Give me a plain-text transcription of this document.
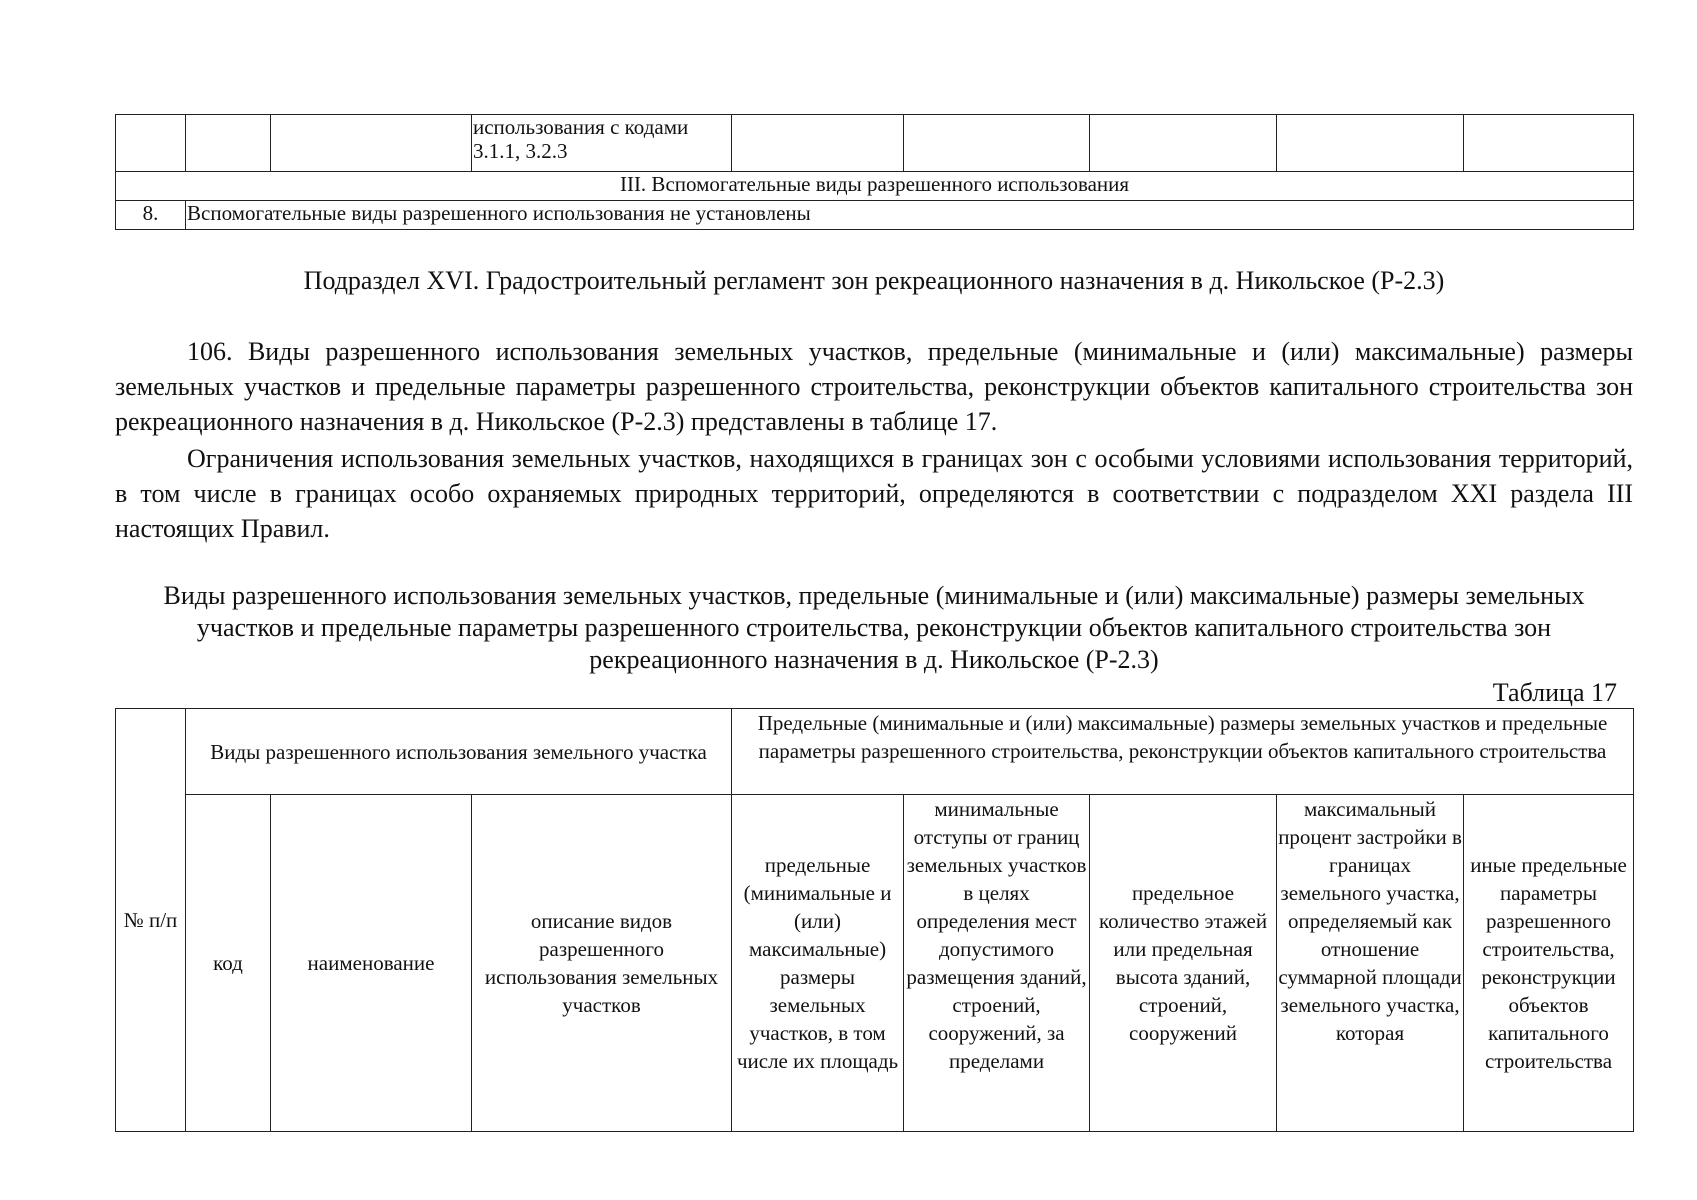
			использования с кодами 3.1.1, 3.2.3					
III. Вспомогательные виды разрешенного использования								
8.	Вспомогательные виды разрешенного использования не установлены							
Подраздел XVI. Градостроительный регламент зон рекреационного назначения в д. Никольское (Р-2.3)

106. Виды разрешенного использования земельных участков, предельные (минимальные и (или) максимальные) размеры земельных участков и предельные параметры разрешенного строительства, реконструкции объектов капитального строительства зон рекреационного назначения в д. Никольское (Р-2.3) представлены в таблице 17.

Ограничения использования земельных участков, находящихся в границах зон с особыми условиями использования территорий, в том числе в границах особо охраняемых природных территорий, определяются в соответствии с подразделом XXI раздела III настоящих Правил.

Виды разрешенного использования земельных участков, предельные (минимальные и (или) максимальные) размеры земельных участков и предельные параметры разрешенного строительства, реконструкции объектов капитального строительства зон рекреационного назначения в д. Никольское (Р-2.3)
Таблица 17
№ п/п	Виды разрешенного использования земельного участка			Предельные (минимальные и (или) максимальные) размеры земельных участков и предельные параметры разрешенного строительства, реконструкции объектов капитального строительства				
	код	наименование	описание видов разрешенного использования земельных участков	предельные (минимальные и (или) максимальные) размеры земельных участков, в том числе их площадь	минимальные отступы от границ земельных участков в целях определения мест допустимого размещения зданий, строений, сооружений, за пределами	предельное количество этажей или предельная высота зданий, строений, сооружений	максимальный процент застройки в границах земельного участка, определяемый как отношение суммарной площади земельного участка, которая	иные предельные параметры разрешенного строительства, реконструкции объектов капитального строительства
